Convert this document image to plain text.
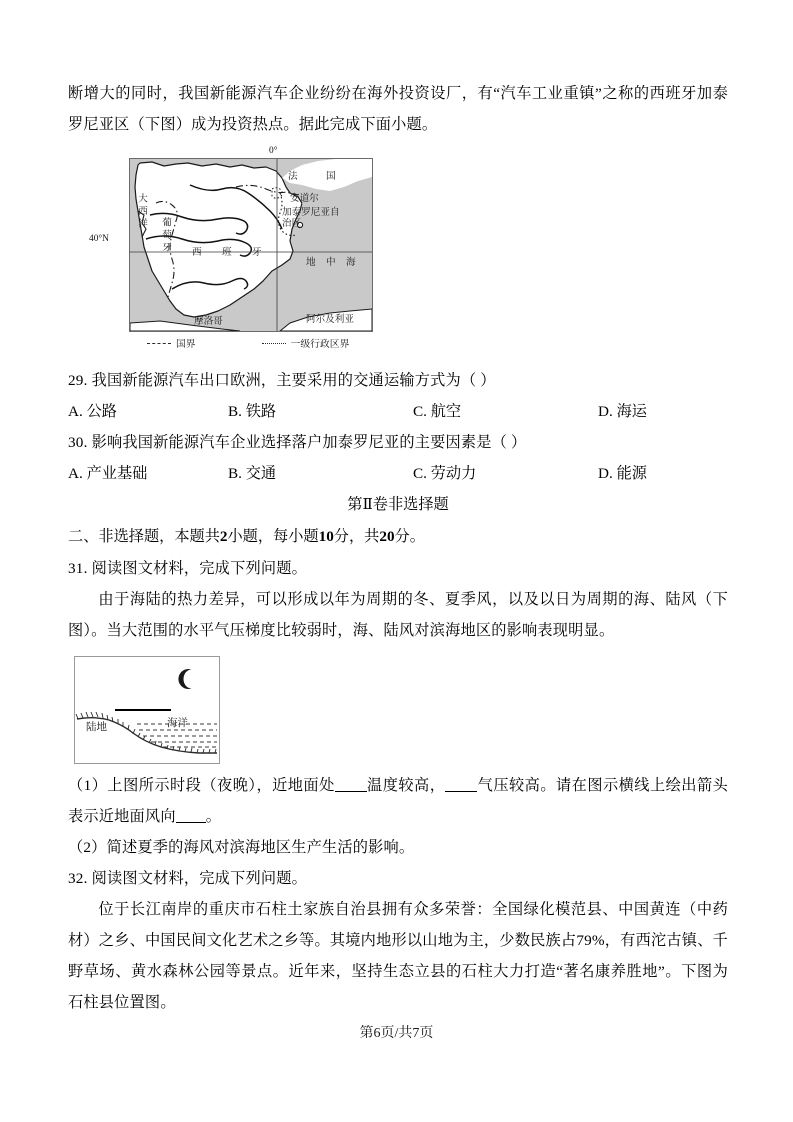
断增大的同时，我国新能源汽车企业纷纷在海外投资设厂，有“汽车工业重镇”之称的西班牙加泰罗尼亚区（下图）成为投资热点。据此完成下面小题。

0°
40°N
大西洋
葡萄牙 西 班 牙
法 国
安道尔
加泰罗尼亚自治区
地 中 海
摩洛哥	阿尔及利亚
国界	一级行政区界

29. 我国新能源汽车出口欧洲，主要采用的交通运输方式为（ ）

A. 公路	B. 铁路	C. 航空	D. 海运

30. 影响我国新能源汽车企业选择落户加泰罗尼亚的主要因素是（ ）

A. 产业基础	B. 交通	C. 劳动力	D. 能源

第Ⅱ卷非选择题

二、非选择题，本题共2小题，每小题10分，共20分。

31. 阅读图文材料，完成下列问题。

由于海陆的热力差异，可以形成以年为周期的冬、夏季风，以及以日为周期的海、陆风（下图）。当大范围的水平气压梯度比较弱时，海、陆风对滨海地区的影响表现明显。

陆地	海洋

（1）上图所示时段（夜晚），近地面处 温度较高， 气压较高。请在图示横线上绘出箭头表示近地面风向 。

（2）简述夏季的海风对滨海地区生产生活的影响。

32. 阅读图文材料，完成下列问题。

位于长江南岸的重庆市石柱土家族自治县拥有众多荣誉：全国绿化模范县、中国黄连（中药材）之乡、中国民间文化艺术之乡等。其境内地形以山地为主，少数民族占79%，有西沱古镇、千野草场、黄水森林公园等景点。近年来，坚持生态立县的石柱大力打造“著名康养胜地”。下图为石柱县位置图。

第6页/共7页
